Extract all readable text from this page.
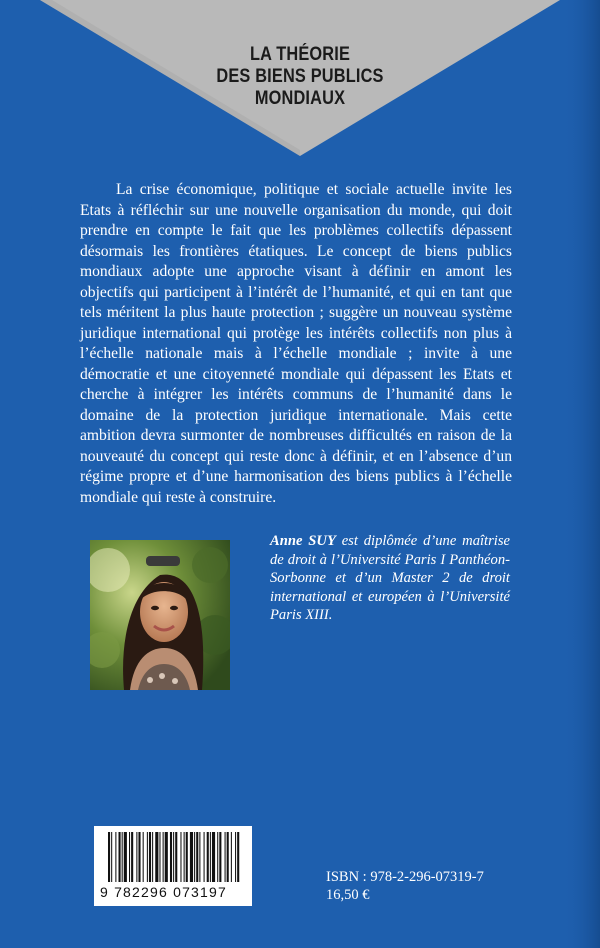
LA THÉORIE
DES BIENS PUBLICS
MONDIAUX

La crise économique, politique et sociale actuelle invite les Etats à réfléchir sur une nouvelle organisation du monde, qui doit prendre en compte le fait que les problèmes collectifs dépassent désormais les frontières étatiques. Le concept de biens publics mondiaux adopte une approche visant à définir en amont les objectifs qui participent à l’intérêt de l’humanité, et qui en tant que tels méritent la plus haute protection ; suggère un nouveau système juridique international qui protège les intérêts collectifs non plus à l’échelle nationale mais à l’échelle mondiale ; invite à une démocratie et une citoyenneté mondiale qui dépassent les Etats et cherche à intégrer les intérêts communs de l’humanité dans le domaine de la protection juridique internationale. Mais cette ambition devra surmonter de nombreuses difficultés en raison de la nouveauté du concept qui reste donc à définir, et en l’absence d’un régime propre et d’une harmonisation des biens publics à l’échelle mondiale qui reste à construire.

Anne SUY est diplômée d’une maîtrise de droit à l’Université Paris I Panthéon-Sorbonne et d’un Master 2 de droit international et européen à l’Université Paris XIII.

9 782296 073197
ISBN : 978-2-296-07319-7
16,50 €
